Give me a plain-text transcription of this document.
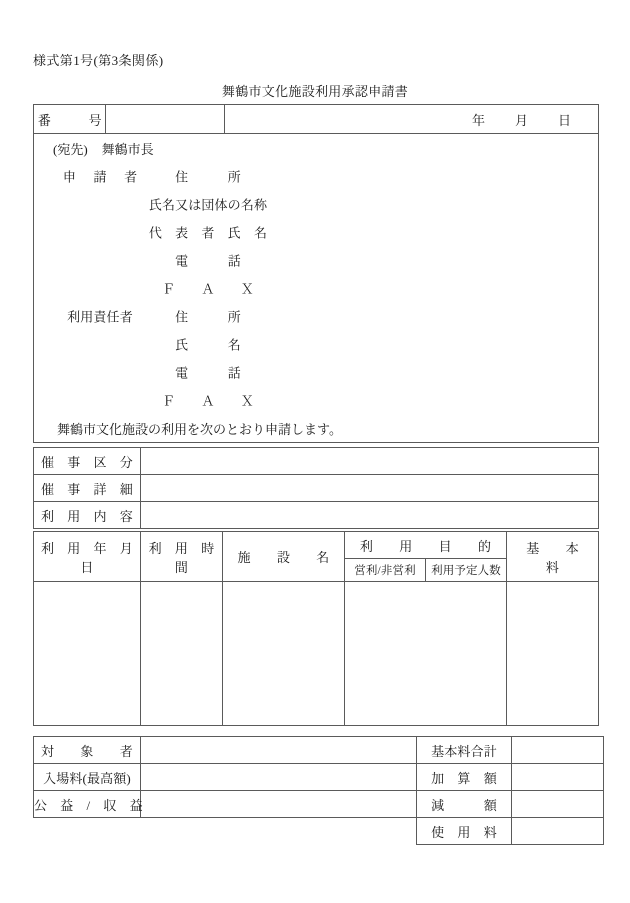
様式第1号(第3条関係)
舞鶴市文化施設利用承認申請書
番　　号		年 月 日
(宛先) 舞鶴市長

申　請　者	住　　　所

氏名又は団体の名称

代　表　者　氏　名

電　　　話

Ｆ　　Ａ　　Ｘ

利用責任者	住　　　所

氏　　　名

電　　　話

Ｆ　　Ａ　　Ｘ

舞鶴市文化施設の利用を次のとおり申請します。
催　事　区　分	
催　事　詳　細	
利　用　内　容	
利　用　年　月　日	利　用　時　間	施　　設　　名	利　　用　　目　　的		基　　本　　料
			営利/非営利	利用予定人数	

対　　象　　者		基本料合計	
入場料(最高額)		加　算　額	
公　益　/　収　益		減　　　額	
		使　用　料	
